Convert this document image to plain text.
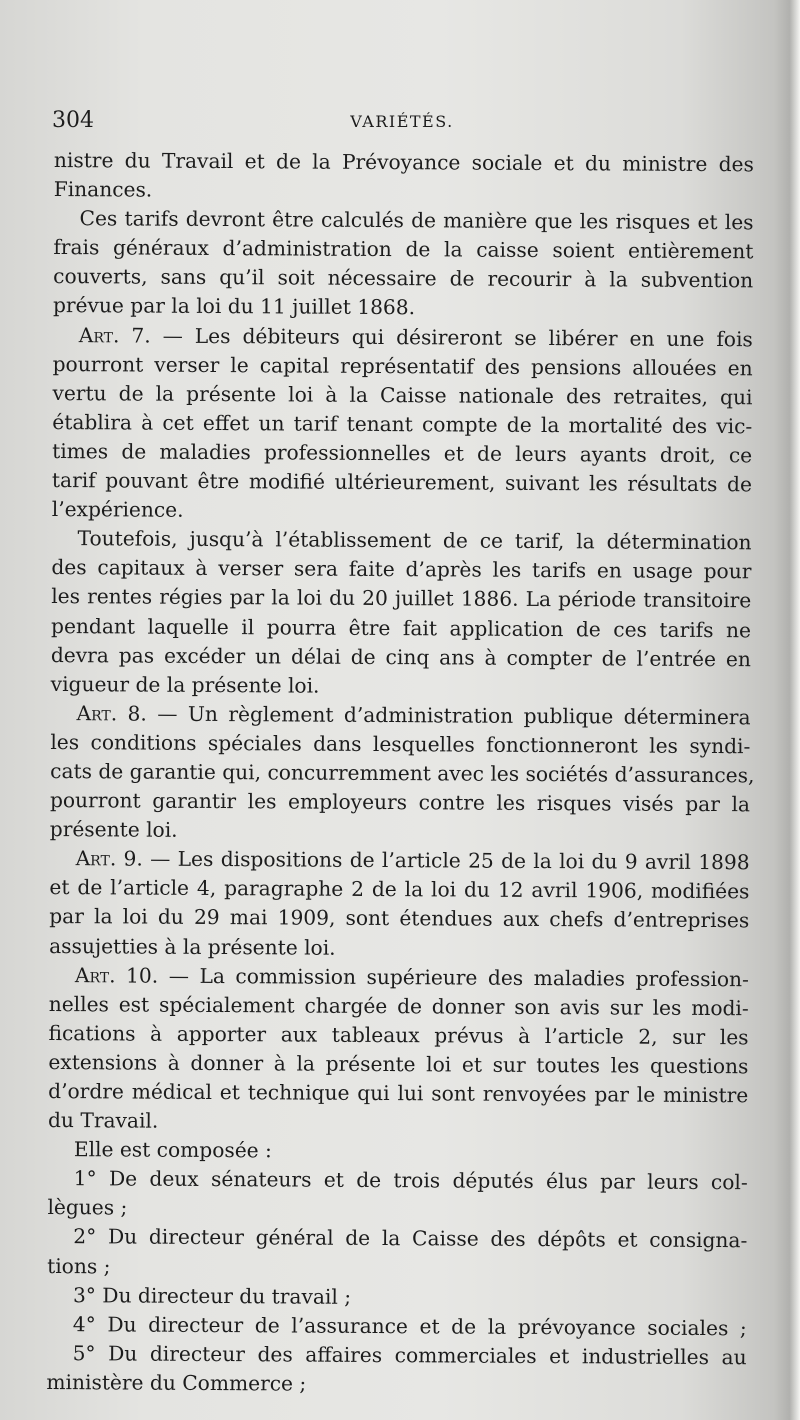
304	VARIÉTÉS.
nistre du Travail et de la Prévoyance sociale et du ministre des
Finances.
Ces tarifs devront être calculés de manière que les risques et les
frais généraux d’administration de la caisse soient entièrement
couverts, sans qu’il soit nécessaire de recourir à la subvention
prévue par la loi du 11 juillet 1868.
Art. 7. — Les débiteurs qui désireront se libérer en une fois
pourront verser le capital représentatif des pensions allouées en
vertu de la présente loi à la Caisse nationale des retraites, qui
établira à cet effet un tarif tenant compte de la mortalité des vic-
times de maladies professionnelles et de leurs ayants droit, ce
tarif pouvant être modifié ultérieurement, suivant les résultats de
l’expérience.
Toutefois, jusqu’à l’établissement de ce tarif, la détermination
des capitaux à verser sera faite d’après les tarifs en usage pour
les rentes régies par la loi du 20 juillet 1886. La période transitoire
pendant laquelle il pourra être fait application de ces tarifs ne
devra pas excéder un délai de cinq ans à compter de l’entrée en
vigueur de la présente loi.
Art. 8. — Un règlement d’administration publique déterminera
les conditions spéciales dans lesquelles fonctionneront les syndi-
cats de garantie qui, concurremment avec les sociétés d’assurances,
pourront garantir les employeurs contre les risques visés par la
présente loi.
Art. 9. — Les dispositions de l’article 25 de la loi du 9 avril 1898
et de l’article 4, paragraphe 2 de la loi du 12 avril 1906, modifiées
par la loi du 29 mai 1909, sont étendues aux chefs d’entreprises
assujetties à la présente loi.
Art. 10. — La commission supérieure des maladies profession-
nelles est spécialement chargée de donner son avis sur les modi-
fications à apporter aux tableaux prévus à l’article 2, sur les
extensions à donner à la présente loi et sur toutes les questions
d’ordre médical et technique qui lui sont renvoyées par le ministre
du Travail.
Elle est composée :
1° De deux sénateurs et de trois députés élus par leurs col-
lègues ;
2° Du directeur général de la Caisse des dépôts et consigna-
tions ;
3° Du directeur du travail ;
4° Du directeur de l’assurance et de la prévoyance sociales ;
5° Du directeur des affaires commerciales et industrielles au
ministère du Commerce ;
